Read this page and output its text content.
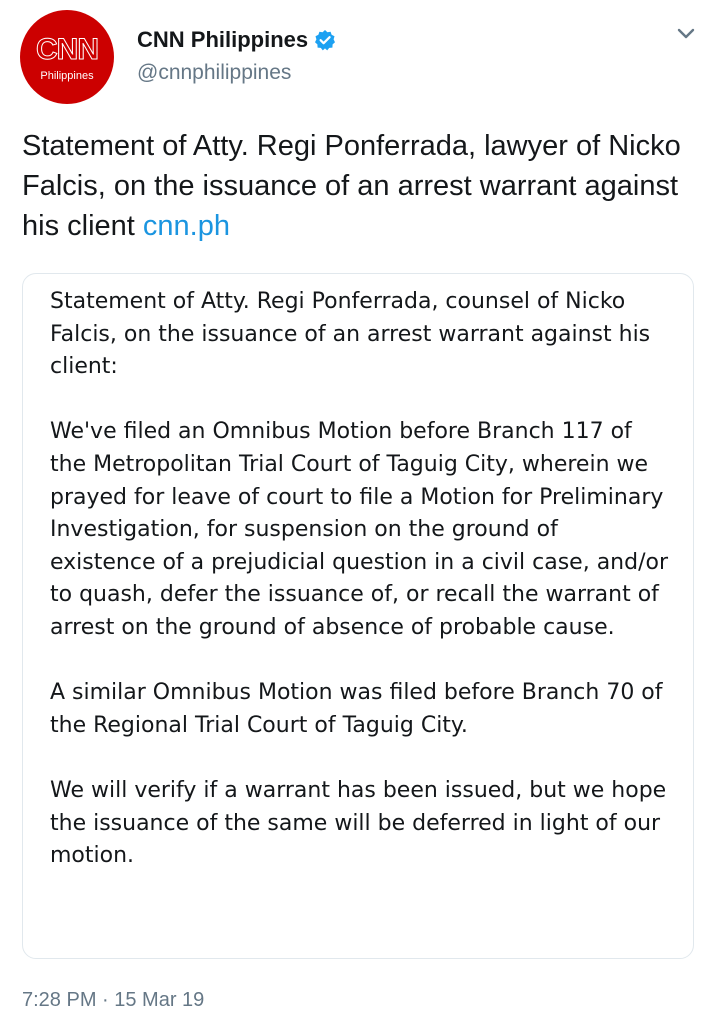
CNN
Philippines
CNN Philippines
@cnnphilippines
Statement of Atty. Regi Ponferrada, lawyer of Nicko Falcis, on the issuance of an arrest warrant against his client cnn.ph

Statement of Atty. Regi Ponferrada, counsel of Nicko Falcis, on the issuance of an arrest warrant against his client:

We've filed an Omnibus Motion before Branch 117 of the Metropolitan Trial Court of Taguig City, wherein we prayed for leave of court to file a Motion for Preliminary Investigation, for suspension on the ground of existence of a prejudicial question in a civil case, and/or to quash, defer the issuance of, or recall the warrant of arrest on the ground of absence of probable cause.

A similar Omnibus Motion was filed before Branch 70 of the Regional Trial Court of Taguig City.

We will verify if a warrant has been issued, but we hope the issuance of the same will be deferred in light of our motion.

7:28 PM · 15 Mar 19
